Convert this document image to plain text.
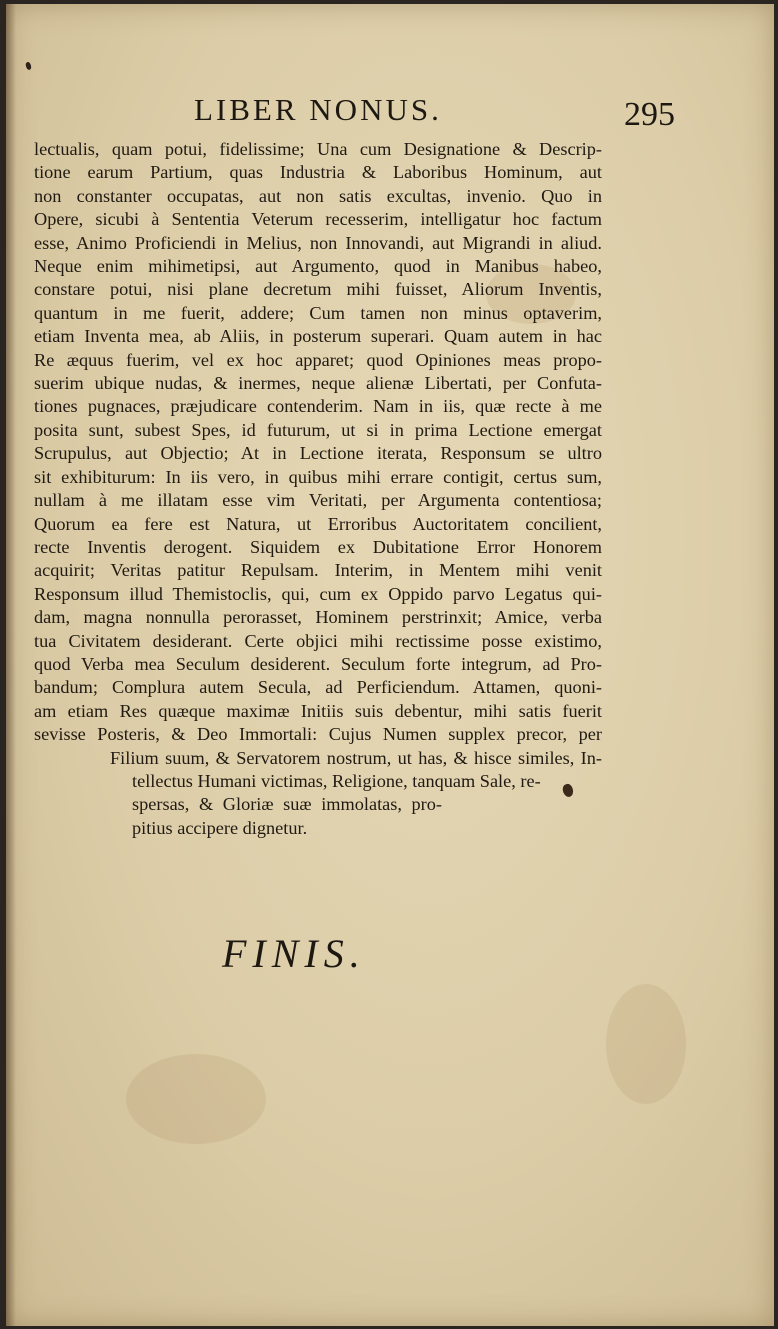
LIBER NONUS.	295
lectualis, quam potui, fidelissime; Una cum Designatione & Descrip-
tione earum Partium, quas Industria & Laboribus Hominum, aut
non constanter occupatas, aut non satis excultas, invenio. Quo in
Opere, sicubi à Sententia Veterum recesserim, intelligatur hoc factum
esse, Animo Proficiendi in Melius, non Innovandi, aut Migrandi in aliud.
Neque enim mihimetipsi, aut Argumento, quod in Manibus habeo,
constare potui, nisi plane decretum mihi fuisset, Aliorum Inventis,
quantum in me fuerit, addere; Cum tamen non minus optaverim,
etiam Inventa mea, ab Aliis, in posterum superari. Quam autem in hac
Re æquus fuerim, vel ex hoc apparet; quod Opiniones meas propo-
suerim ubique nudas, & inermes, neque alienæ Libertati, per Confuta-
tiones pugnaces, præjudicare contenderim. Nam in iis, quæ recte à me
posita sunt, subest Spes, id futurum, ut si in prima Lectione emergat
Scrupulus, aut Objectio; At in Lectione iterata, Responsum se ultro
sit exhibiturum: In iis vero, in quibus mihi errare contigit, certus sum,
nullam à me illatam esse vim Veritati, per Argumenta contentiosa;
Quorum ea fere est Natura, ut Erroribus Auctoritatem concilient,
recte Inventis derogent. Siquidem ex Dubitatione Error Honorem
acquirit; Veritas patitur Repulsam. Interim, in Mentem mihi venit
Responsum illud Themistoclis, qui, cum ex Oppido parvo Legatus qui-
dam, magna nonnulla perorasset, Hominem perstrinxit; Amice, verba
tua Civitatem desiderant. Certe objici mihi rectissime posse existimo,
quod Verba mea Seculum desiderent. Seculum forte integrum, ad Pro-
bandum; Complura autem Secula, ad Perficiendum. Attamen, quoni-
am etiam Res quæque maximæ Initiis suis debentur, mihi satis fuerit
sevisse Posteris, & Deo Immortali: Cujus Numen supplex precor, per
Filium suum, & Servatorem nostrum, ut has, & hisce similes, In-
tellectus Humani victimas, Religione, tanquam Sale, re-
spersas, & Gloriæ suæ immolatas, pro-
pitius accipere dignetur.
FINIS.
